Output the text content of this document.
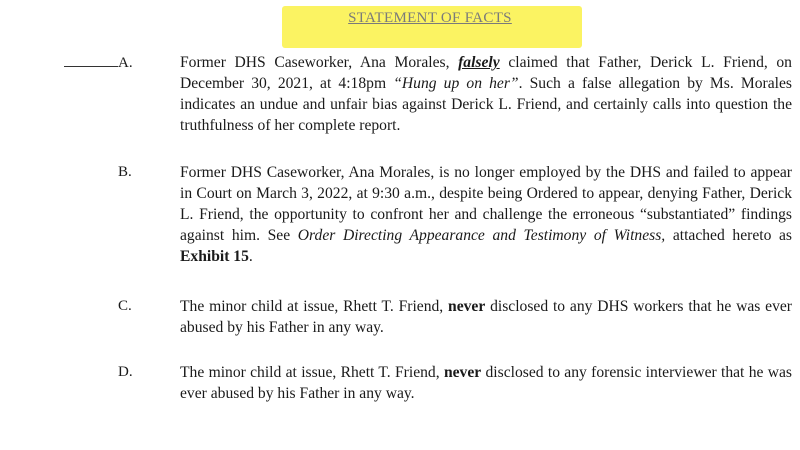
STATEMENT OF FACTS
A.	Former DHS Caseworker, Ana Morales, falsely claimed that Father, Derick L. Friend, on December 30, 2021, at 4:18pm “Hung up on her”. Such a false allegation by Ms. Morales indicates an undue and unfair bias against Derick L. Friend, and certainly calls into question the truthfulness of her complete report.
B.	Former DHS Caseworker, Ana Morales, is no longer employed by the DHS and failed to appear in Court on March 3, 2022, at 9:30 a.m., despite being Ordered to appear, denying Father, Derick L. Friend, the opportunity to confront her and challenge the erroneous “substantiated” findings against him. See Order Directing Appearance and Testimony of Witness, attached hereto as Exhibit 15.
C.	The minor child at issue, Rhett T. Friend, never disclosed to any DHS workers that he was ever abused by his Father in any way.
D.	The minor child at issue, Rhett T. Friend, never disclosed to any forensic interviewer that he was ever abused by his Father in any way.
